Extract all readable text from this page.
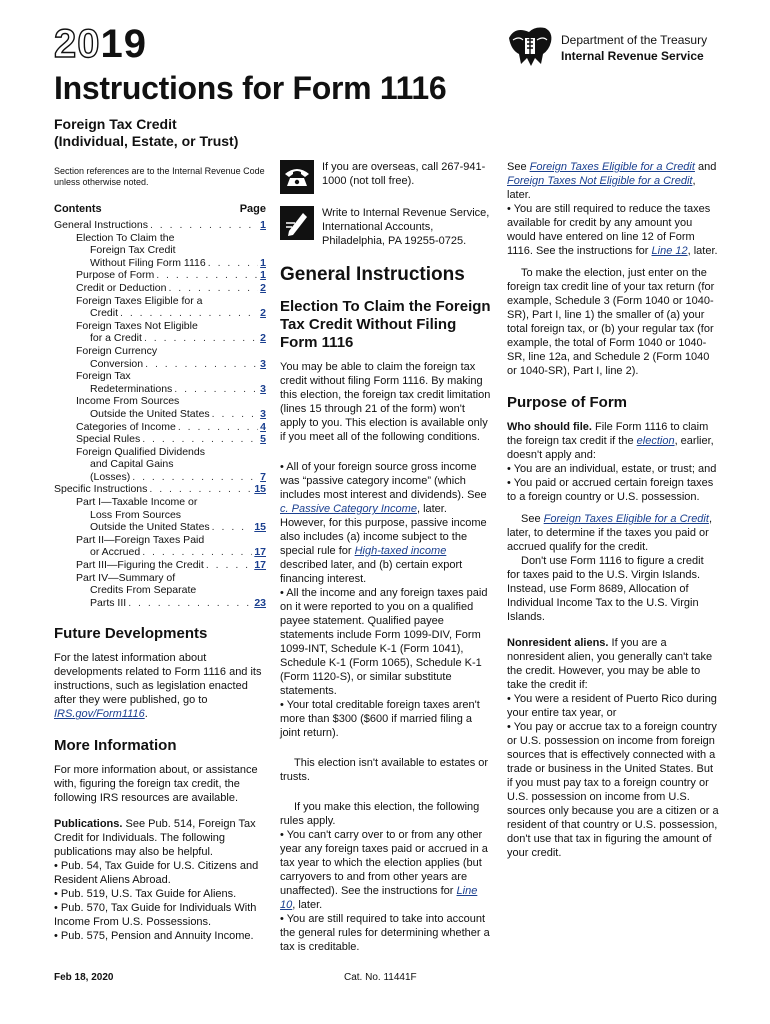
2019	Department of the Treasury
Internal Revenue Service
Instructions for Form 1116
Foreign Tax Credit
(Individual, Estate, or Trust)

Section references are to the Internal Revenue Code unless otherwise noted.

Contents	Page
General Instructions . . .	1
Election To Claim the
Foreign Tax Credit
Without Filing Form 1116 . . .	1
Purpose of Form . . .	1
Credit or Deduction . . .	2
Foreign Taxes Eligible for a
Credit . . .	2
Foreign Taxes Not Eligible
for a Credit . . .	2
Foreign Currency
Conversion . . .	3
Foreign Tax
Redeterminations . . .	3
Income From Sources
Outside the United States . . .	3
Categories of Income . . .	4
Special Rules . . .	5
Foreign Qualified Dividends
and Capital Gains
(Losses) . . .	7
Specific Instructions . . .	15
Part I—Taxable Income or
Loss From Sources
Outside the United States . . .	15
Part II—Foreign Taxes Paid
or Accrued . . .	17
Part III—Figuring the Credit . . .	17
Part IV—Summary of
Credits From Separate
Parts III . . .	23
Future Developments

For the latest information about developments related to Form 1116 and its instructions, such as legislation enacted after they were published, go to IRS.gov/Form1116.

More Information

For more information about, or assistance with, figuring the foreign tax credit, the following IRS resources are available.

Publications. See Pub. 514, Foreign Tax Credit for Individuals. The following publications may also be helpful.

• Pub. 54, Tax Guide for U.S. Citizens and Resident Aliens Abroad.

• Pub. 519, U.S. Tax Guide for Aliens.

• Pub. 570, Tax Guide for Individuals With Income From U.S. Possessions.

• Pub. 575, Pension and Annuity Income.

If you are overseas, call 267-941-1000 (not toll free).

Write to Internal Revenue Service, International Accounts, Philadelphia, PA 19255-0725.

General Instructions
Election To Claim the Foreign Tax Credit Without Filing Form 1116

You may be able to claim the foreign tax credit without filing Form 1116. By making this election, the foreign tax credit limitation (lines 15 through 21 of the form) won't apply to you. This election is available only if you meet all of the following conditions.

• All of your foreign source gross income was “passive category income” (which includes most interest and dividends). See c. Passive Category Income, later. However, for this purpose, passive income also includes (a) income subject to the special rule for High-taxed income described later, and (b) certain export financing interest.

• All the income and any foreign taxes paid on it were reported to you on a qualified payee statement. Qualified payee statements include Form 1099-DIV, Form 1099-INT, Schedule K-1 (Form 1041), Schedule K-1 (Form 1065), Schedule K-1 (Form 1120-S), or similar substitute statements.

• Your total creditable foreign taxes aren't more than $300 ($600 if married filing a joint return).

This election isn't available to estates or trusts.

If you make this election, the following rules apply.

• You can't carry over to or from any other year any foreign taxes paid or accrued in a tax year to which the election applies (but carryovers to and from other years are unaffected). See the instructions for Line 10, later.

• You are still required to take into account the general rules for determining whether a tax is creditable.

See Foreign Taxes Eligible for a Credit and Foreign Taxes Not Eligible for a Credit, later.

• You are still required to reduce the taxes available for credit by any amount you would have entered on line 12 of Form 1116. See the instructions for Line 12, later.

To make the election, just enter on the foreign tax credit line of your tax return (for example, Schedule 3 (Form 1040 or 1040-SR), Part I, line 1) the smaller of (a) your total foreign tax, or (b) your regular tax (for example, the total of Form 1040 or 1040-SR, line 12a, and Schedule 2 (Form 1040 or 1040-SR), Part I, line 2).

Purpose of Form

Who should file. File Form 1116 to claim the foreign tax credit if the election, earlier, doesn't apply and:

• You are an individual, estate, or trust; and

• You paid or accrued certain foreign taxes to a foreign country or U.S. possession.

See Foreign Taxes Eligible for a Credit, later, to determine if the taxes you paid or accrued qualify for the credit.

Don't use Form 1116 to figure a credit for taxes paid to the U.S. Virgin Islands. Instead, use Form 8689, Allocation of Individual Income Tax to the U.S. Virgin Islands.

Nonresident aliens. If you are a nonresident alien, you generally can't take the credit. However, you may be able to take the credit if:

• You were a resident of Puerto Rico during your entire tax year, or

• You pay or accrue tax to a foreign country or U.S. possession on income from foreign sources that is effectively connected with a trade or business in the United States. But if you must pay tax to a foreign country or U.S. possession on income from U.S. sources only because you are a citizen or a resident of that country or U.S. possession, don't use that tax in figuring the amount of your credit.

Feb 18, 2020	Cat. No. 11441F
